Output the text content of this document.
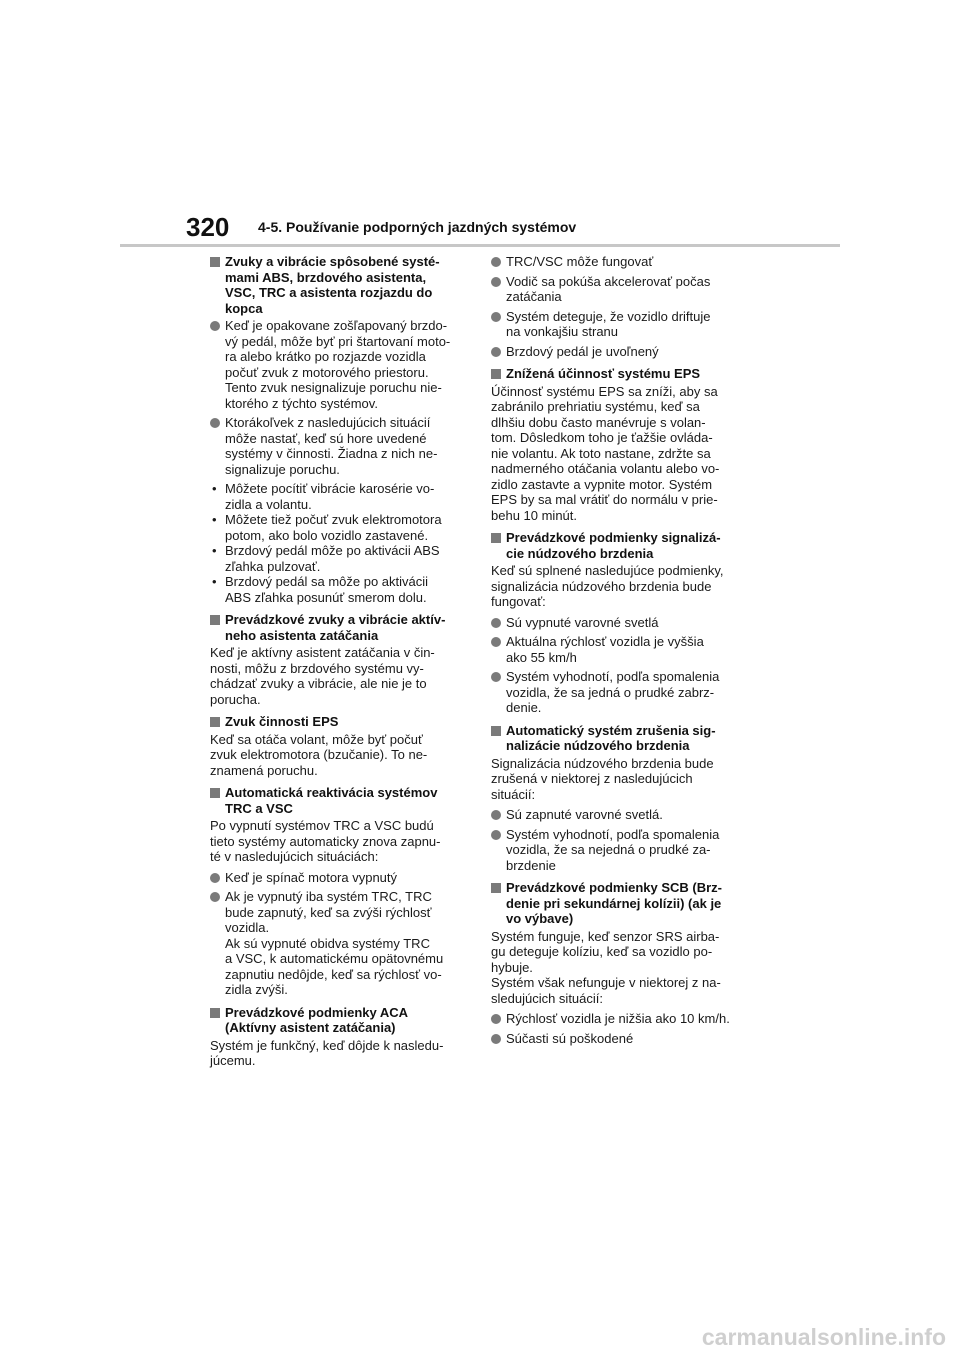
320 4-5. Používanie podporných jazdných systémov
Zvuky a vibrácie spôsobené systé-
mami ABS, brzdového asistenta,
VSC, TRC a asistenta rozjazdu do
kopca
Keď je opakovane zošľapovaný brzdo-
vý pedál, môže byť pri štartovaní moto-
ra alebo krátko po rozjazde vozidla
počuť zvuk z motorového priestoru.
Tento zvuk nesignalizuje poruchu nie-
ktorého z týchto systémov.
Ktorákoľvek z nasledujúcich situácií
môže nastať, keď sú hore uvedené
systémy v činnosti. Žiadna z nich ne-
signalizuje poruchu.
• Môžete pocítiť vibrácie karosérie vo-
zidla a volantu.
• Môžete tiež počuť zvuk elektromotora
potom, ako bolo vozidlo zastavené.
• Brzdový pedál môže po aktivácii ABS
zľahka pulzovať.
• Brzdový pedál sa môže po aktivácii
ABS zľahka posunúť smerom dolu.
Prevádzkové zvuky a vibrácie aktív-
neho asistenta zatáčania
Keď je aktívny asistent zatáčania v čin-
nosti, môžu z brzdového systému vy-
chádzať zvuky a vibrácie, ale nie je to
porucha.
Zvuk činnosti EPS
Keď sa otáča volant, môže byť počuť
zvuk elektromotora (bzučanie). To ne-
znamená poruchu.
Automatická reaktivácia systémov
TRC a VSC
Po vypnutí systémov TRC a VSC budú
tieto systémy automaticky znova zapnu-
té v nasledujúcich situáciách:
Keď je spínač motora vypnutý
Ak je vypnutý iba systém TRC, TRC
bude zapnutý, keď sa zvýši rýchlosť
vozidla.
Ak sú vypnuté obidva systémy TRC
a VSC, k automatickému opätovnému
zapnutiu nedôjde, keď sa rýchlosť vo-
zidla zvýši.
Prevádzkové podmienky ACA
(Aktívny asistent zatáčania)
Systém je funkčný, keď dôjde k nasledu-
júcemu.
TRC/VSC môže fungovať
Vodič sa pokúša akcelerovať počas
zatáčania
Systém deteguje, že vozidlo driftuje
na vonkajšiu stranu
Brzdový pedál je uvoľnený
Znížená účinnosť systému EPS
Účinnosť systému EPS sa zníži, aby sa
zabránilo prehriatiu systému, keď sa
dlhšiu dobu často manévruje s volan-
tom. Dôsledkom toho je ťažšie ovláda-
nie volantu. Ak toto nastane, zdržte sa
nadmerného otáčania volantu alebo vo-
zidlo zastavte a vypnite motor. Systém
EPS by sa mal vrátiť do normálu v prie-
behu 10 minút.
Prevádzkové podmienky signalizá-
cie núdzového brzdenia
Keď sú splnené nasledujúce podmienky,
signalizácia núdzového brzdenia bude
fungovať:
Sú vypnuté varovné svetlá
Aktuálna rýchlosť vozidla je vyššia
ako 55 km/h
Systém vyhodnotí, podľa spomalenia
vozidla, že sa jedná o prudké zabrz-
denie.
Automatický systém zrušenia sig-
nalizácie núdzového brzdenia
Signalizácia núdzového brzdenia bude
zrušená v niektorej z nasledujúcich
situácií:
Sú zapnuté varovné svetlá.
Systém vyhodnotí, podľa spomalenia
vozidla, že sa nejedná o prudké za-
brzdenie
Prevádzkové podmienky SCB (Brz-
denie pri sekundárnej kolízii) (ak je
vo výbave)
Systém funguje, keď senzor SRS airba-
gu deteguje kolíziu, keď sa vozidlo po-
hybuje.
Systém však nefunguje v niektorej z na-
sledujúcich situácií:
Rýchlosť vozidla je nižšia ako 10 km/h.
Súčasti sú poškodené
carmanualsonline.info
